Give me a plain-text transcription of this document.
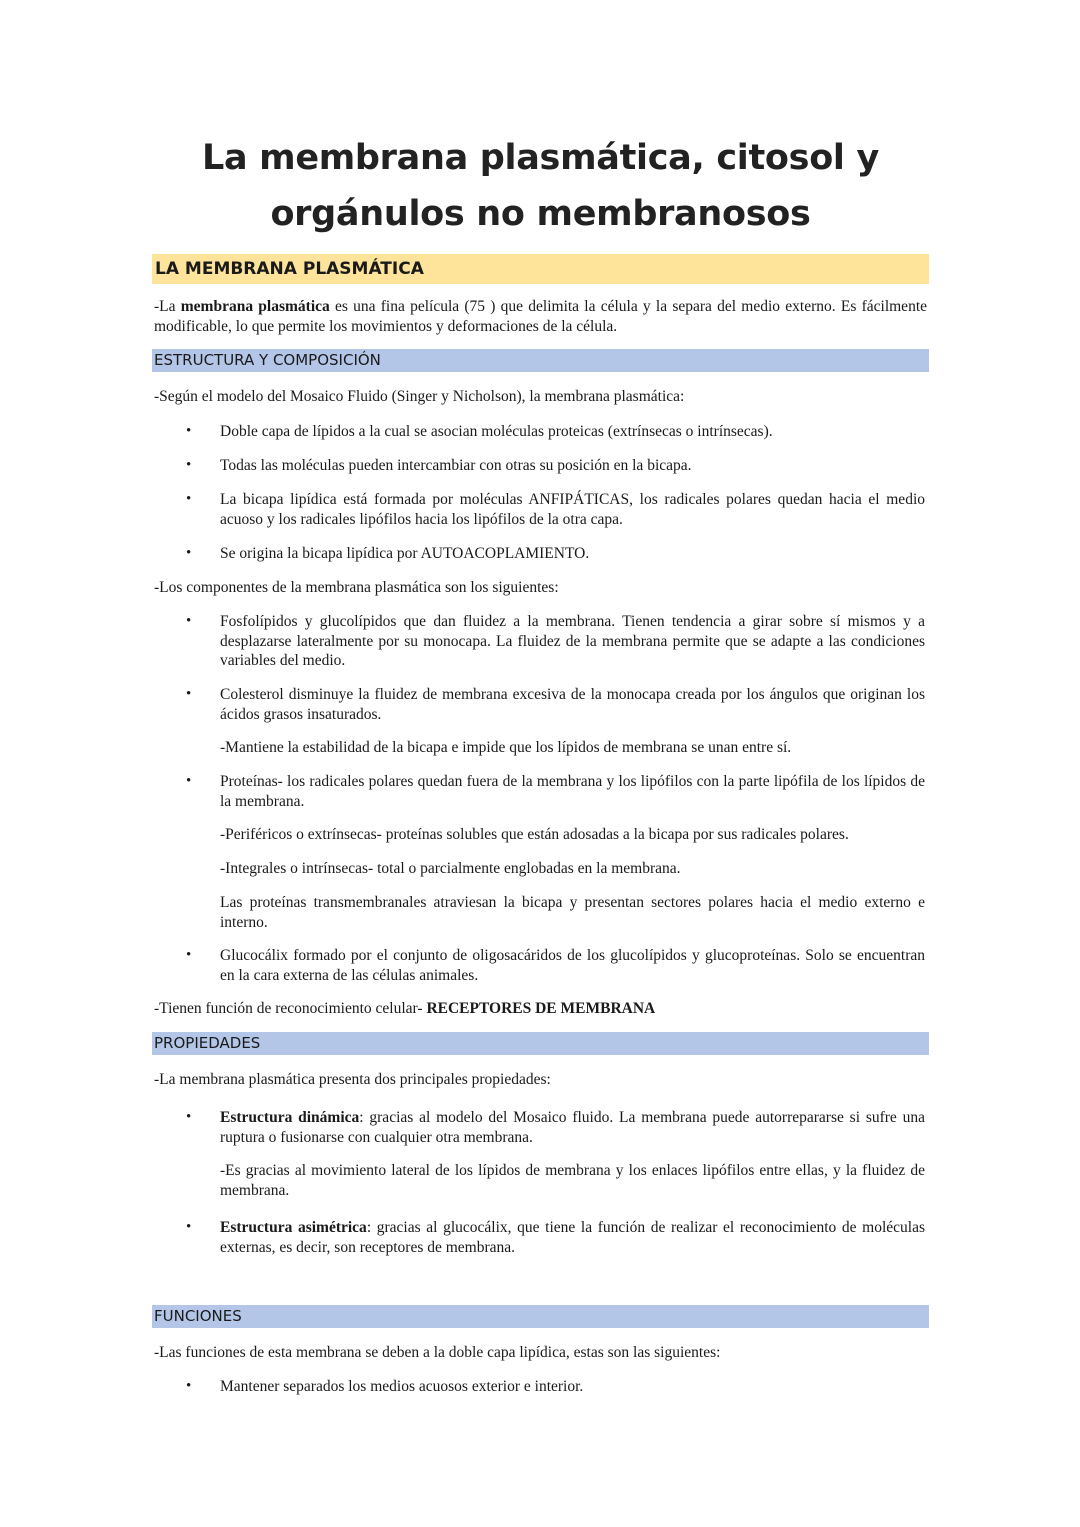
La membrana plasmática, citosol y
orgánulos no membranosos
LA MEMBRANA PLASMÁTICA
-La membrana plasmática es una fina película (75 ) que delimita la célula y la separa del medio externo. Es fácilmente modificable, lo que permite los movimientos y deformaciones de la célula.
ESTRUCTURA Y COMPOSICIÓN
-Según el modelo del Mosaico Fluido (Singer y Nicholson), la membrana plasmática:
• Doble capa de lípidos a la cual se asocian moléculas proteicas (extrínsecas o intrínsecas).
• Todas las moléculas pueden intercambiar con otras su posición en la bicapa.
• La bicapa lipídica está formada por moléculas ANFIPÁTICAS, los radicales polares quedan hacia el medio acuoso y los radicales lipófilos hacia los lipófilos de la otra capa.
• Se origina la bicapa lipídica por AUTOACOPLAMIENTO.
-Los componentes de la membrana plasmática son los siguientes:
• Fosfolípidos y glucolípidos que dan fluidez a la membrana. Tienen tendencia a girar sobre sí mismos y a desplazarse lateralmente por su monocapa. La fluidez de la membrana permite que se adapte a las condiciones variables del medio.
• Colesterol disminuye la fluidez de membrana excesiva de la monocapa creada por los ángulos que originan los ácidos grasos insaturados.
-Mantiene la estabilidad de la bicapa e impide que los lípidos de membrana se unan entre sí.
• Proteínas- los radicales polares quedan fuera de la membrana y los lipófilos con la parte lipófila de los lípidos de la membrana.
-Periféricos o extrínsecas- proteínas solubles que están adosadas a la bicapa por sus radicales polares.
-Integrales o intrínsecas- total o parcialmente englobadas en la membrana.
Las proteínas transmembranales atraviesan la bicapa y presentan sectores polares hacia el medio externo e interno.
• Glucocálix formado por el conjunto de oligosacáridos de los glucolípidos y glucoproteínas. Solo se encuentran en la cara externa de las células animales.
-Tienen función de reconocimiento celular- RECEPTORES DE MEMBRANA
PROPIEDADES
-La membrana plasmática presenta dos principales propiedades:
• Estructura dinámica: gracias al modelo del Mosaico fluido. La membrana puede autorrepararse si sufre una ruptura o fusionarse con cualquier otra membrana.
-Es gracias al movimiento lateral de los lípidos de membrana y los enlaces lipófilos entre ellas, y la fluidez de membrana.
• Estructura asimétrica: gracias al glucocálix, que tiene la función de realizar el reconocimiento de moléculas externas, es decir, son receptores de membrana.
FUNCIONES
-Las funciones de esta membrana se deben a la doble capa lipídica, estas son las siguientes:
• Mantener separados los medios acuosos exterior e interior.
